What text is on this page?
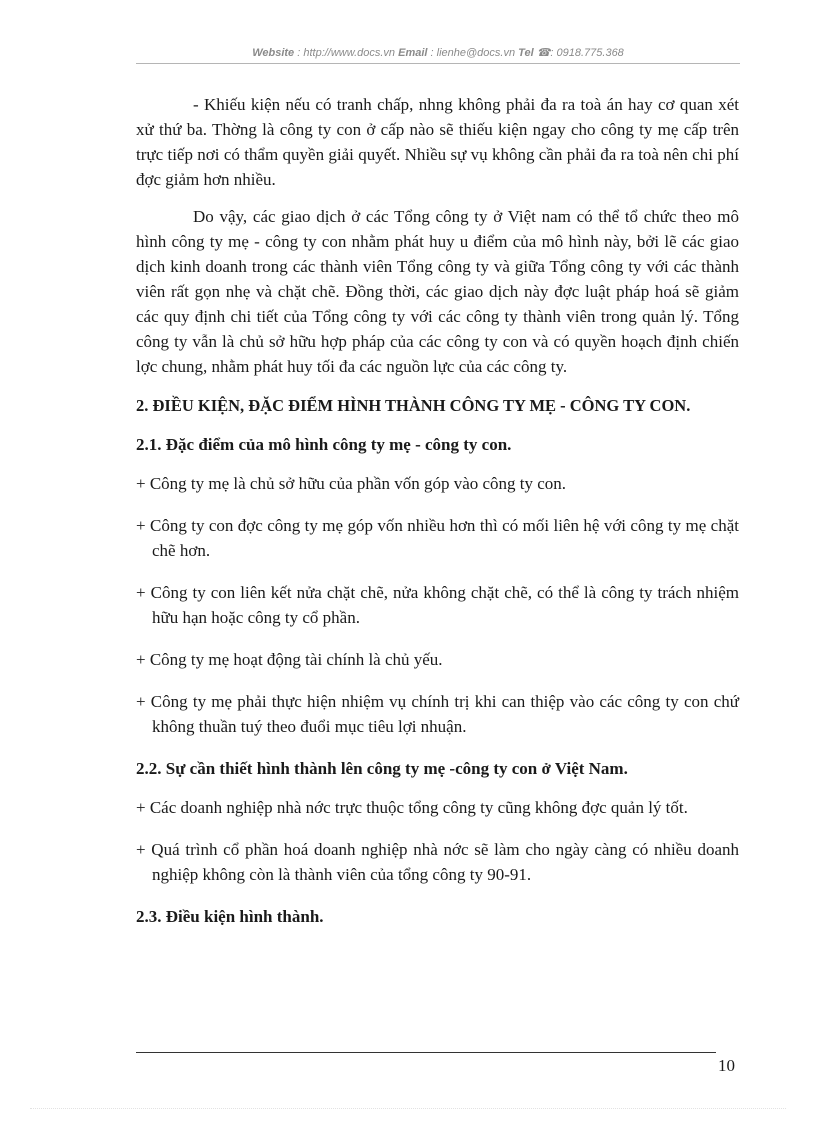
Website : http://www.docs.vn Email : lienhe@docs.vn Tel ☎: 0918.775.368

- Khiếu kiện nếu có tranh chấp, nhng không phải đa ra toà án hay cơ quan xét xử thứ ba. Thờng là công ty con ở cấp nào sẽ thiếu kiện ngay cho công ty mẹ cấp trên trực tiếp nơi có thẩm quyền giải quyết. Nhiều sự vụ không cần phải đa ra toà nên chi phí đợc giảm hơn nhiều.

Do vậy, các giao dịch ở các Tổng công ty ở Việt nam có thể tổ chức theo mô hình công ty mẹ - công ty con nhằm phát huy u điểm của mô hình này, bởi lẽ các giao dịch kinh doanh trong các thành viên Tổng công ty và giữa Tổng công ty với các thành viên rất gọn nhẹ và chặt chẽ. Đồng thời, các giao dịch này đợc luật pháp hoá sẽ giảm các quy định chi tiết của Tổng công ty với các công ty thành viên trong quản lý. Tổng công ty vẫn là chủ sở hữu hợp pháp của các công ty con và có quyền hoạch định chiến lợc chung, nhằm phát huy tối đa các nguồn lực của các công ty.

2. ĐIỀU KIỆN, ĐẶC ĐIỂM HÌNH THÀNH CÔNG TY MẸ - CÔNG TY CON.

2.1. Đặc điểm của mô hình công ty mẹ - công ty con.

+ Công ty mẹ là chủ sở hữu của phần vốn góp vào công ty con.

+ Công ty con đợc công ty mẹ góp vốn nhiều hơn thì có mối liên hệ với công ty mẹ chặt chẽ hơn.

+ Công ty con liên kết nửa chặt chẽ, nửa không chặt chẽ, có thể là công ty trách nhiệm hữu hạn hoặc công ty cổ phần.

+ Công ty mẹ hoạt động tài chính là chủ yếu.

+ Công ty mẹ phải thực hiện nhiệm vụ chính trị khi can thiệp vào các công ty con chứ không thuần tuý theo đuổi mục tiêu lợi nhuận.

2.2. Sự cần thiết hình thành lên công ty mẹ -công ty con ở Việt Nam.

+ Các doanh nghiệp nhà nớc trực thuộc tổng công ty cũng không đợc quản lý tốt.

+ Quá trình cổ phần hoá doanh nghiệp nhà nớc sẽ làm cho ngày càng có nhiều doanh nghiệp không còn là thành viên của tổng công ty 90-91.

2.3. Điều kiện hình thành.

10
